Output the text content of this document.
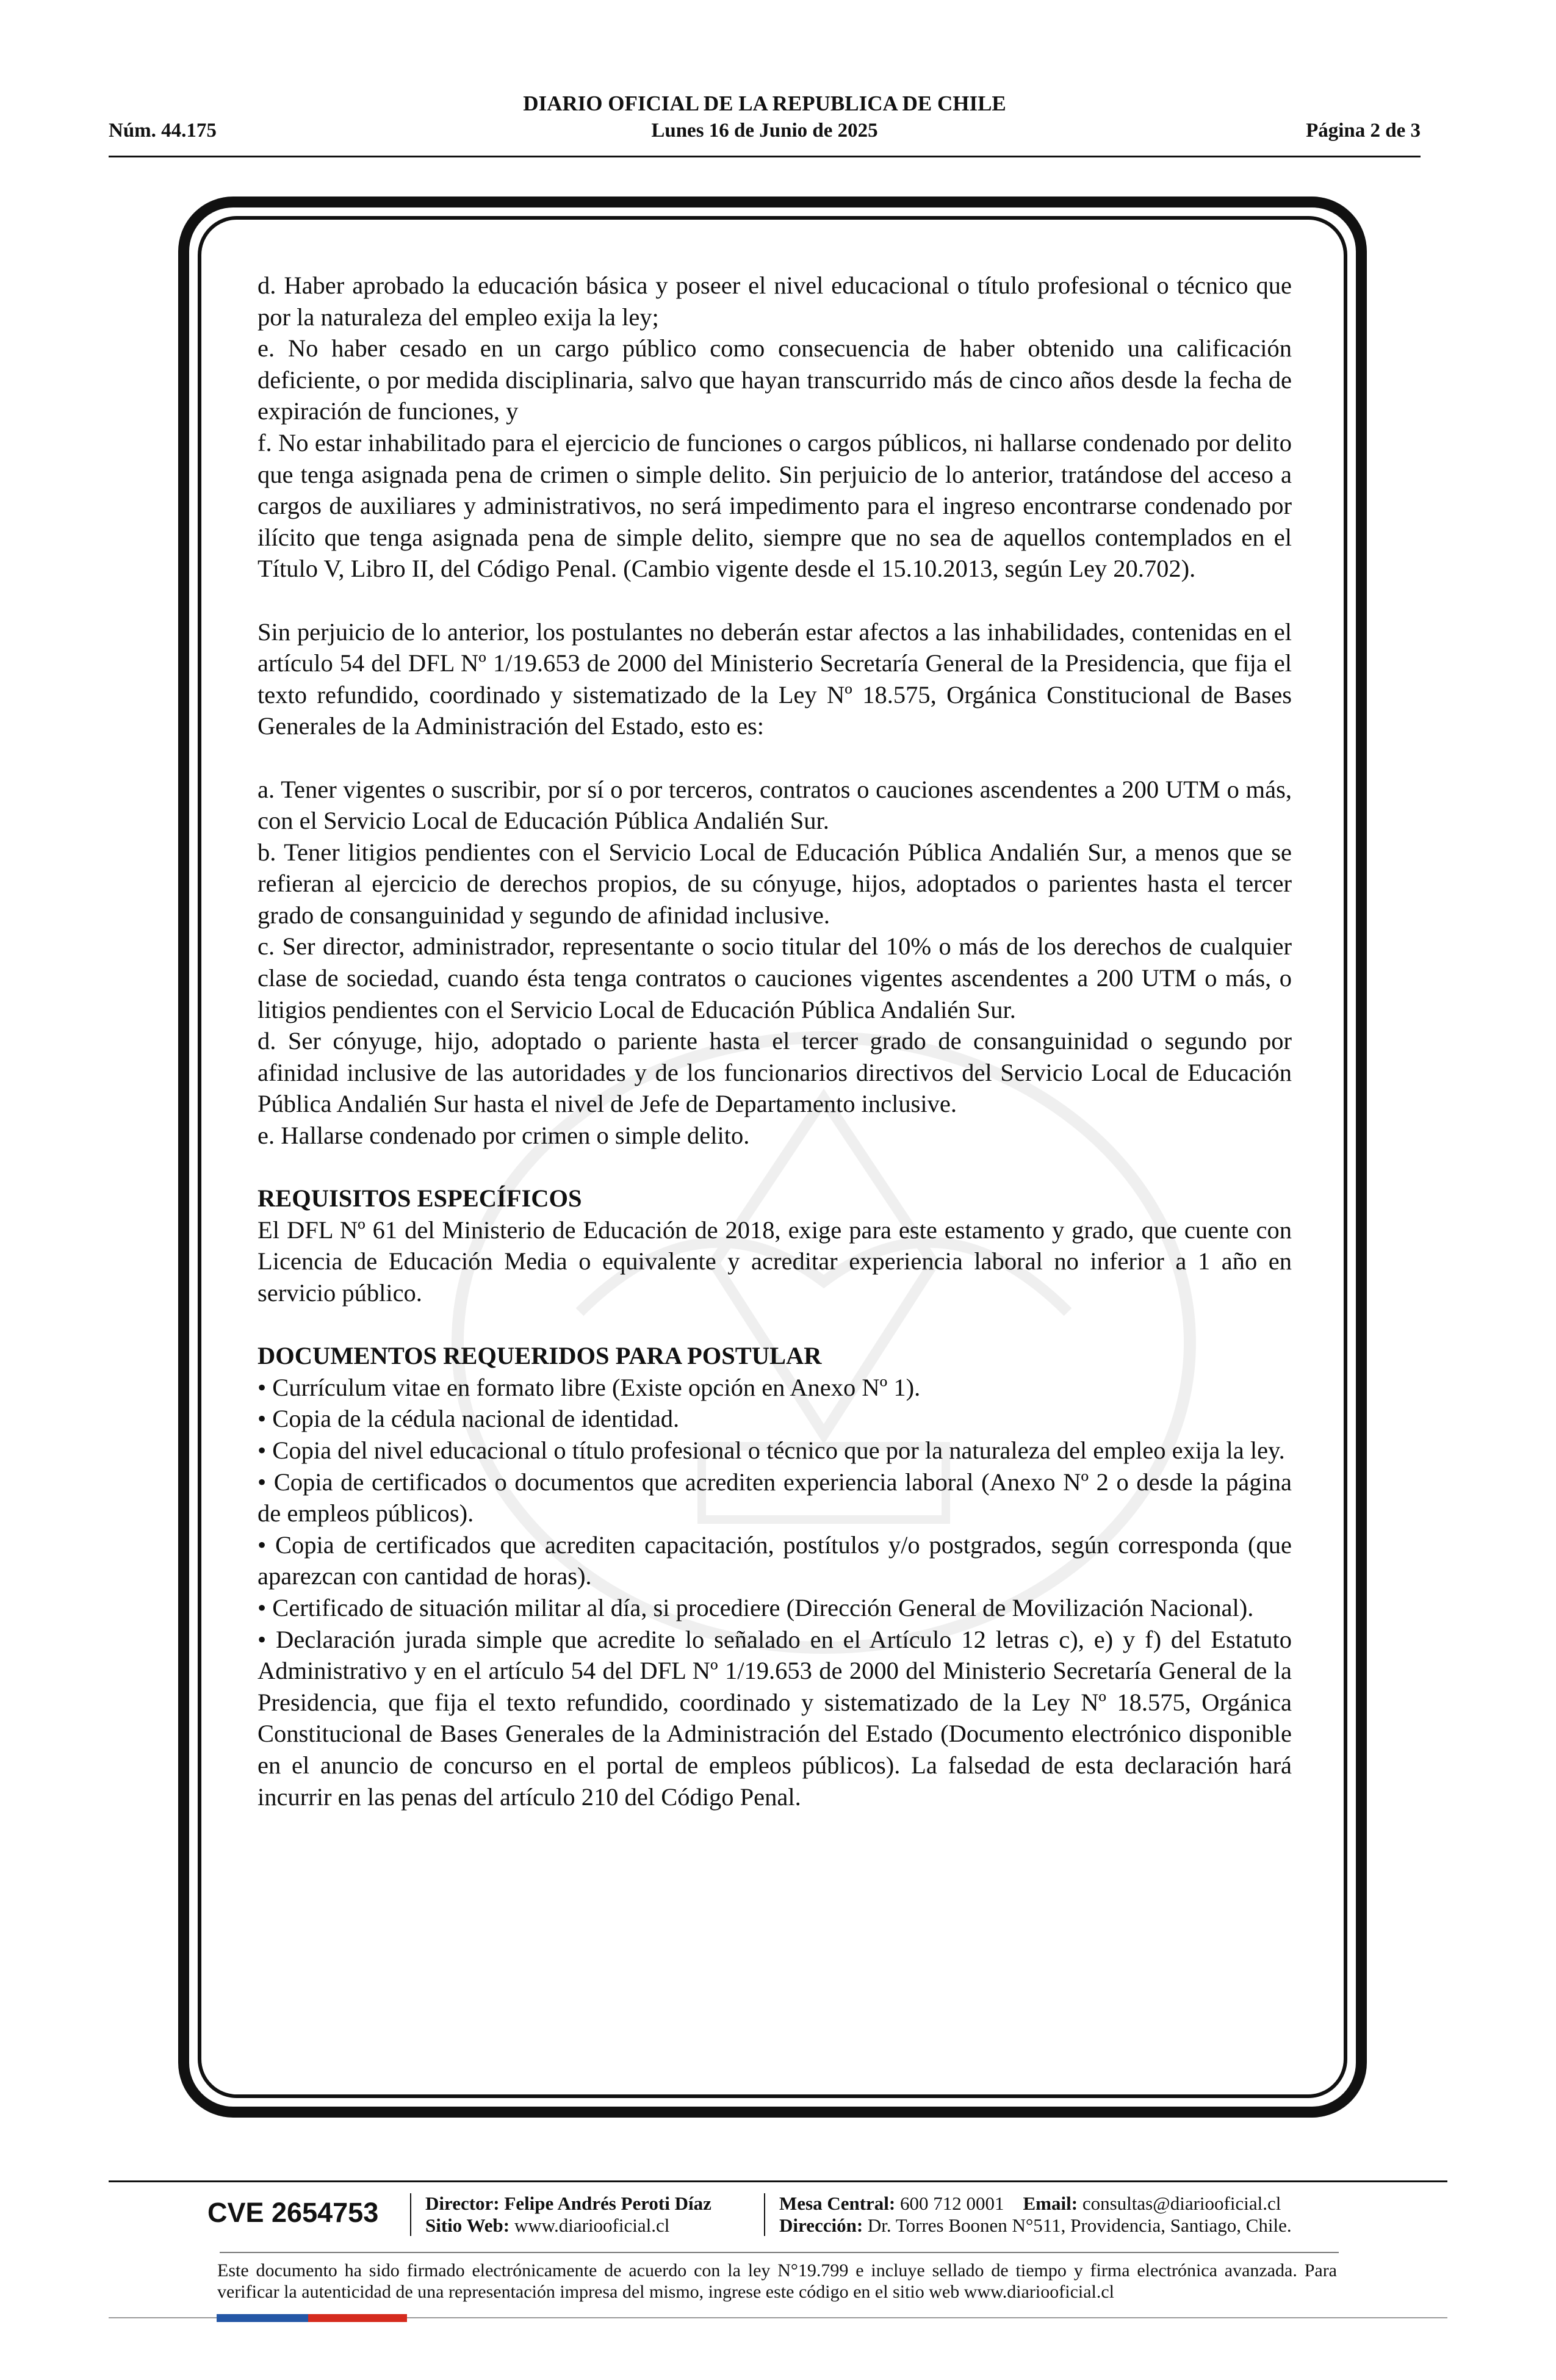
DIARIO OFICIAL DE LA REPUBLICA DE CHILE
Núm. 44.175	Lunes 16 de Junio de 2025	Página 2 de 3

d. Haber aprobado la educación básica y poseer el nivel educacional o título profesional o técnico que por la naturaleza del empleo exija la ley;

e. No haber cesado en un cargo público como consecuencia de haber obtenido una calificación deficiente, o por medida disciplinaria, salvo que hayan transcurrido más de cinco años desde la fecha de expiración de funciones, y

f. No estar inhabilitado para el ejercicio de funciones o cargos públicos, ni hallarse condenado por delito que tenga asignada pena de crimen o simple delito. Sin perjuicio de lo anterior, tratándose del acceso a cargos de auxiliares y administrativos, no será impedimento para el ingreso encontrarse condenado por ilícito que tenga asignada pena de simple delito, siempre que no sea de aquellos contemplados en el Título V, Libro II, del Código Penal. (Cambio vigente desde el 15.10.2013, según Ley 20.702).

Sin perjuicio de lo anterior, los postulantes no deberán estar afectos a las inhabilidades, contenidas en el artículo 54 del DFL Nº 1/19.653 de 2000 del Ministerio Secretaría General de la Presidencia, que fija el texto refundido, coordinado y sistematizado de la Ley Nº 18.575, Orgánica Constitucional de Bases Generales de la Administración del Estado, esto es:

a. Tener vigentes o suscribir, por sí o por terceros, contratos o cauciones ascendentes a 200 UTM o más, con el Servicio Local de Educación Pública Andalién Sur.

b. Tener litigios pendientes con el Servicio Local de Educación Pública Andalién Sur, a menos que se refieran al ejercicio de derechos propios, de su cónyuge, hijos, adoptados o parientes hasta el tercer grado de consanguinidad y segundo de afinidad inclusive.

c. Ser director, administrador, representante o socio titular del 10% o más de los derechos de cualquier clase de sociedad, cuando ésta tenga contratos o cauciones vigentes ascendentes a 200 UTM o más, o litigios pendientes con el Servicio Local de Educación Pública Andalién Sur.

d. Ser cónyuge, hijo, adoptado o pariente hasta el tercer grado de consanguinidad o segundo por afinidad inclusive de las autoridades y de los funcionarios directivos del Servicio Local de Educación Pública Andalién Sur hasta el nivel de Jefe de Departamento inclusive.

e. Hallarse condenado por crimen o simple delito.

REQUISITOS ESPECÍFICOS

El DFL Nº 61 del Ministerio de Educación de 2018, exige para este estamento y grado, que cuente con Licencia de Educación Media o equivalente y acreditar experiencia laboral no inferior a 1 año en servicio público.

DOCUMENTOS REQUERIDOS PARA POSTULAR

• Currículum vitae en formato libre (Existe opción en Anexo Nº 1).

• Copia de la cédula nacional de identidad.

• Copia del nivel educacional o título profesional o técnico que por la naturaleza del empleo exija la ley.

• Copia de certificados o documentos que acrediten experiencia laboral (Anexo Nº 2 o desde la página de empleos públicos).

• Copia de certificados que acrediten capacitación, postítulos y/o postgrados, según corresponda (que aparezcan con cantidad de horas).

• Certificado de situación militar al día, si procediere (Dirección General de Movilización Nacional).

• Declaración jurada simple que acredite lo señalado en el Artículo 12 letras c), e) y f) del Estatuto Administrativo y en el artículo 54 del DFL Nº 1/19.653 de 2000 del Ministerio Secretaría General de la Presidencia, que fija el texto refundido, coordinado y sistematizado de la Ley Nº 18.575, Orgánica Constitucional de Bases Generales de la Administración del Estado (Documento electrónico disponible en el anuncio de concurso en el portal de empleos públicos). La falsedad de esta declaración hará incurrir en las penas del artículo 210 del Código Penal.

CVE 2654753 Director: Felipe Andrés Peroti Díaz
Sitio Web: www.diariooficial.cl
Mesa Central: 600 712 0001 Email: consultas@diariooficial.cl
Dirección: Dr. Torres Boonen N°511, Providencia, Santiago, Chile.
Este documento ha sido firmado electrónicamente de acuerdo con la ley N°19.799 e incluye sellado de tiempo y firma electrónica avanzada. Para verificar la autenticidad de una representación impresa del mismo, ingrese este código en el sitio web www.diariooficial.cl
